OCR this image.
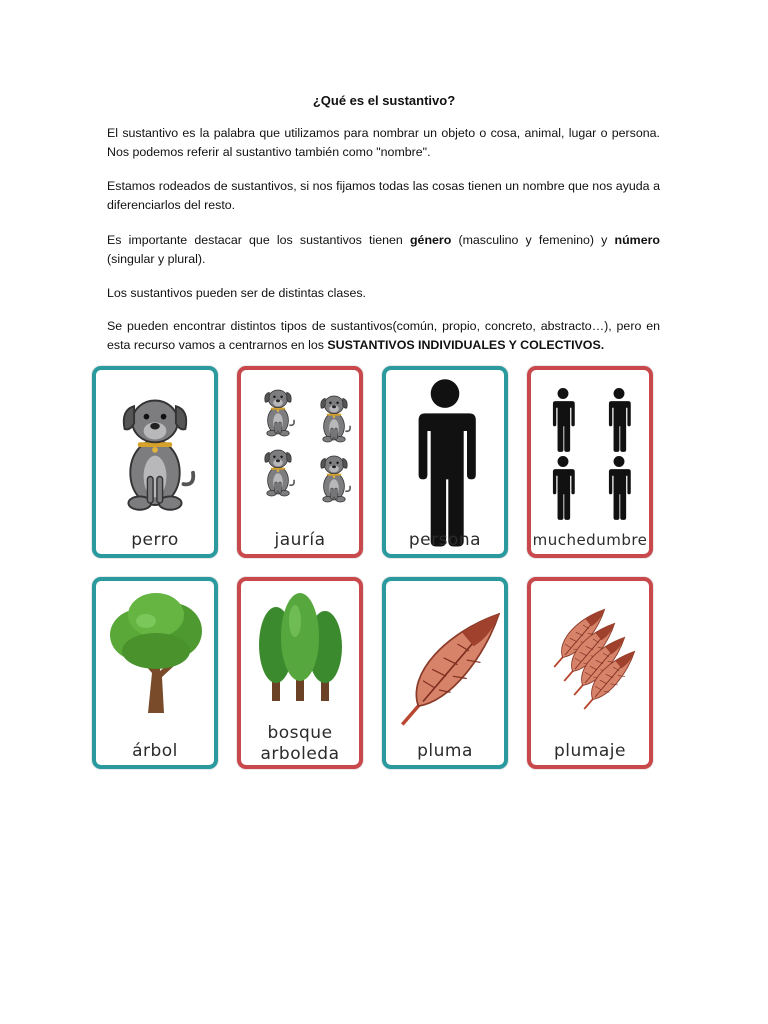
¿Qué es el sustantivo?

El sustantivo es la palabra que utilizamos para nombrar un objeto o cosa, animal, lugar o persona. Nos podemos referir al sustantivo también como "nombre".

Estamos rodeados de sustantivos, si nos fijamos todas las cosas tienen un nombre que nos ayuda a diferenciarlos del resto.

Es importante destacar que los sustantivos tienen género (masculino y femenino) y número (singular y plural).

Los sustantivos pueden ser de distintas clases.

Se pueden encontrar distintos tipos de sustantivos(común, propio, concreto, abstracto…), pero en esta recurso vamos a centrarnos en los SUSTANTIVOS INDIVIDUALES Y COLECTIVOS.

perro	jauría	persona	muchedumbre
árbol
bosque
arboleda	pluma	plumaje
